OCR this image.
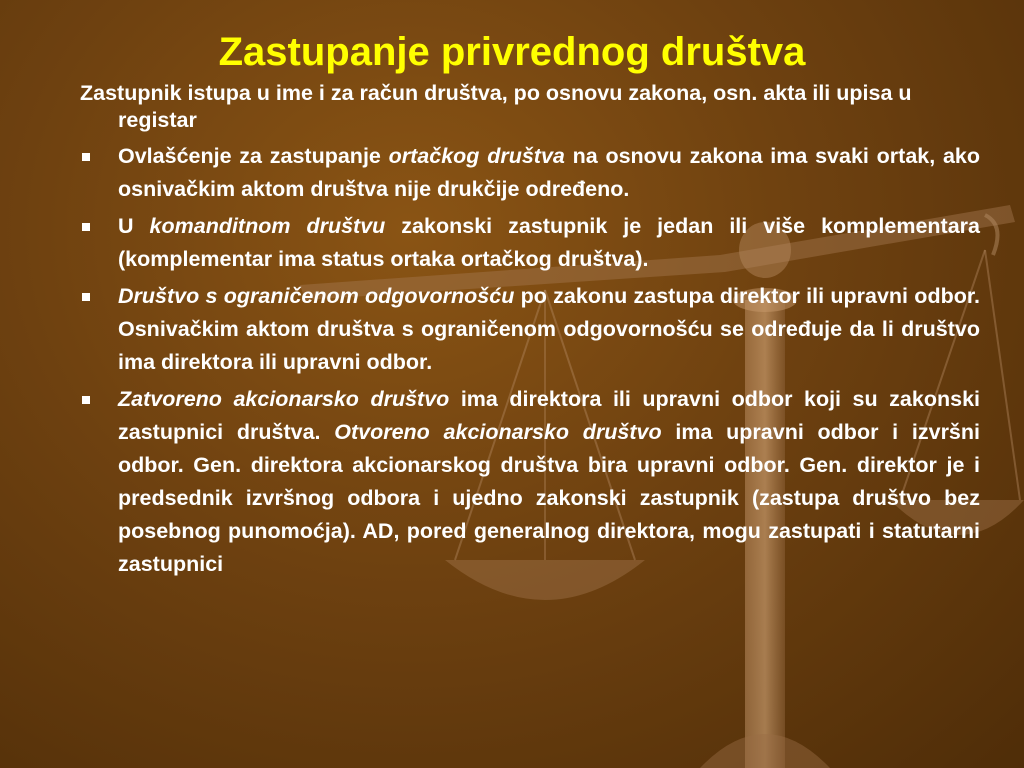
Zastupanje privrednog društva

Zastupnik istupa u ime i za račun društva, po osnovu zakona, osn. akta ili upisa u registar

Ovlašćenje za zastupanje ortačkog društva na osnovu zakona ima svaki ortak, ako osnivačkim aktom društva nije drukčije određeno.
U komanditnom društvu zakonski zastupnik je jedan ili više komplementara (komplementar ima status ortaka ortačkog društva).
Društvo s ograničenom odgovornošću po zakonu zastupa direktor ili upravni odbor. Osnivačkim aktom društva s ograničenom odgovornošću se određuje da li društvo ima direktora ili upravni odbor.
Zatvoreno akcionarsko društvo ima direktora ili upravni odbor koji su zakonski zastupnici društva. Otvoreno akcionarsko društvo ima upravni odbor i izvršni odbor. Gen. direktora akcionarskog društva bira upravni odbor. Gen. direktor je i predsednik izvršnog odbora i ujedno zakonski zastupnik (zastupa društvo bez posebnog punomoćja). AD, pored generalnog direktora, mogu zastupati i statutarni zastupnici
